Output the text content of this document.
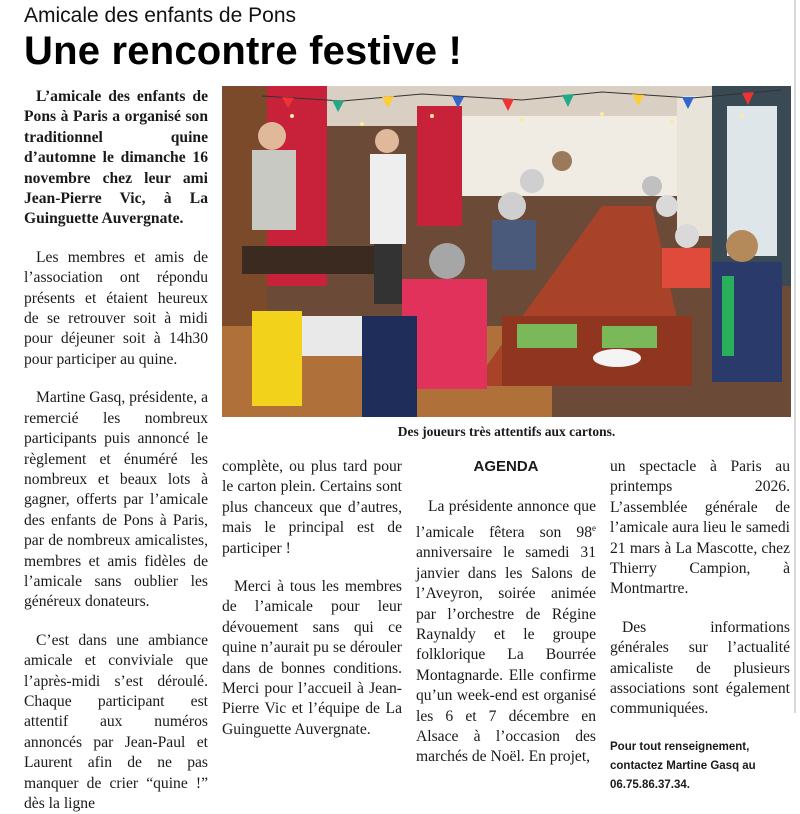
Amicale des enfants de Pons
Une rencontre festive !

L’amicale des enfants de Pons à Paris a organisé son traditionnel quine d’automne le dimanche 16 novembre chez leur ami Jean-Pierre Vic, à La Guinguette Auvergnate.

Les membres et amis de l’association ont répondu présents et étaient heureux de se retrouver soit à midi pour déjeuner soit à 14h30 pour participer au quine.

Martine Gasq, présidente, a remercié les nombreux participants puis annoncé le règlement et énuméré les nombreux et beaux lots à gagner, offerts par l’amicale des enfants de Pons à Paris, par de nombreux amicalistes, membres et amis fidèles de l’amicale sans oublier les généreux donateurs.

C’est dans une ambiance amicale et conviviale que l’après-midi s’est déroulé. Chaque participant est attentif aux numéros annoncés par Jean-Paul et Laurent afin de ne pas manquer de crier “quine !” dès la ligne

Des joueurs très attentifs aux cartons.

complète, ou plus tard pour le carton plein. Certains sont plus chanceux que d’autres, mais le principal est de participer !

Merci à tous les membres de l’amicale pour leur dévouement sans qui ce quine n’aurait pu se dérouler dans de bonnes conditions. Merci pour l’accueil à Jean-Pierre Vic et l’équipe de La Guinguette Auvergnate.

AGENDA

La présidente annonce que l’amicale fêtera son 98e anniversaire le samedi 31 janvier dans les Salons de l’Aveyron, soirée animée par l’orchestre de Régine Raynaldy et le groupe folklorique La Bourrée Montagnarde. Elle confirme qu’un week-end est organisé les 6 et 7 décembre en Alsace à l’occasion des marchés de Noël. En projet,

un spectacle à Paris au printemps 2026. L’assemblée générale de l’amicale aura lieu le samedi 21 mars à La Mascotte, chez Thierry Campion, à Montmartre.

Des informations générales sur l’actualité amicaliste de plusieurs associations sont également communiquées.

Pour tout renseignement, contactez Martine Gasq au 06.75.86.37.34.
